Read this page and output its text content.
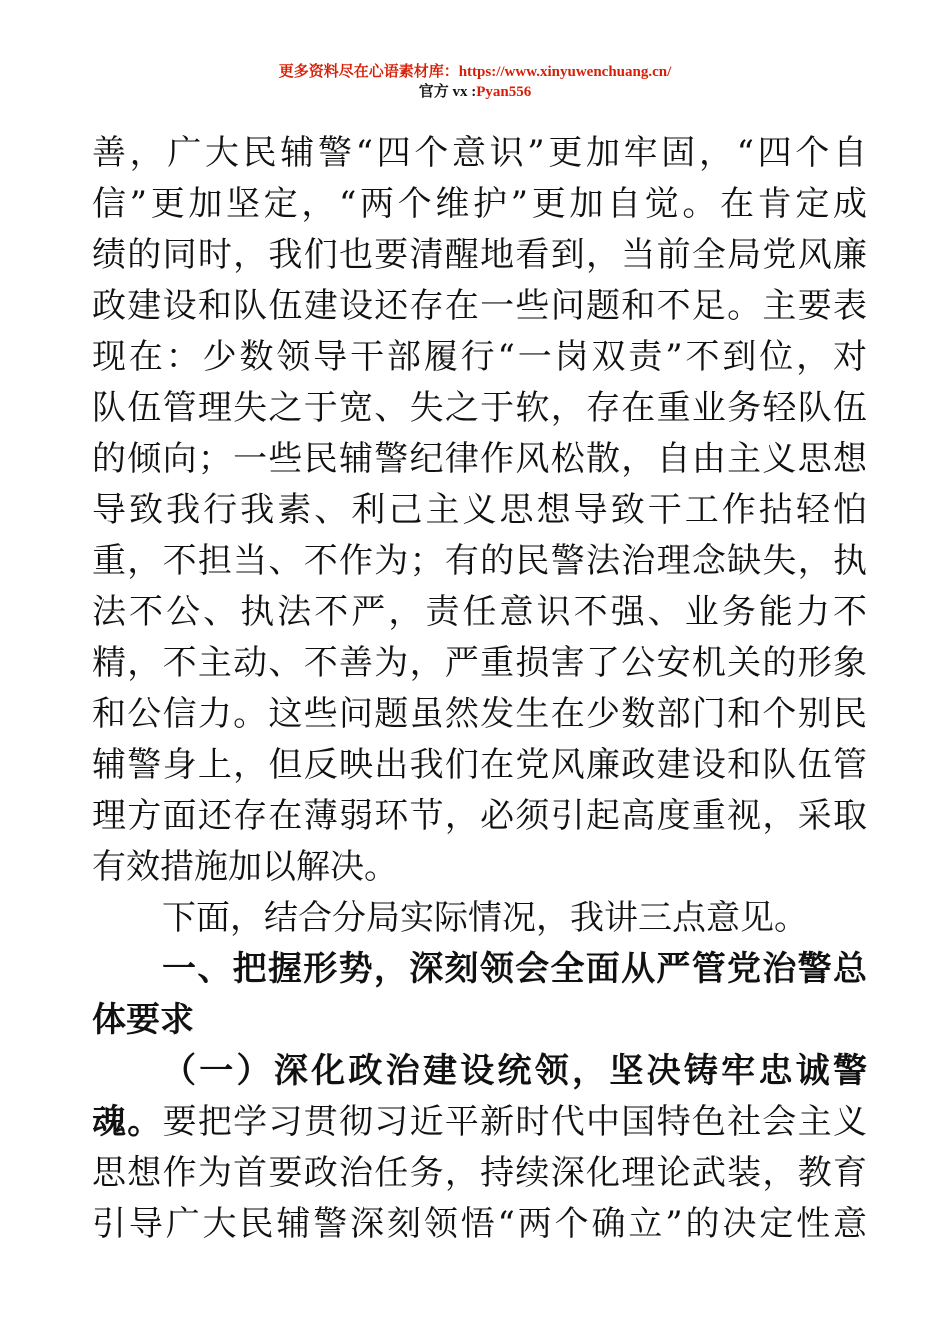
更多资料尽在心语素材库：https://www.xinyuwenchuang.cn/
官方 vx :Pyan556
善，广大民辅警“四个意识”更加牢固，“四个自
信”更加坚定，“两个维护”更加自觉。在肯定成
绩的同时，我们也要清醒地看到，当前全局党风廉
政建设和队伍建设还存在一些问题和不足。主要表
现在：少数领导干部履行“一岗双责”不到位，对
队伍管理失之于宽、失之于软，存在重业务轻队伍
的倾向；一些民辅警纪律作风松散，自由主义思想
导致我行我素、利己主义思想导致干工作拈轻怕
重，不担当、不作为；有的民警法治理念缺失，执
法不公、执法不严，责任意识不强、业务能力不
精，不主动、不善为，严重损害了公安机关的形象
和公信力。这些问题虽然发生在少数部门和个别民
辅警身上，但反映出我们在党风廉政建设和队伍管
理方面还存在薄弱环节，必须引起高度重视，采取
有效措施加以解决。
下面，结合分局实际情况，我讲三点意见。
一、把握形势，深刻领会全面从严管党治警总
体要求
（一）深化政治建设统领，坚决铸牢忠诚警
魂。要把学习贯彻习近平新时代中国特色社会主义
思想作为首要政治任务，持续深化理论武装，教育
引导广大民辅警深刻领悟“两个确立”的决定性意
